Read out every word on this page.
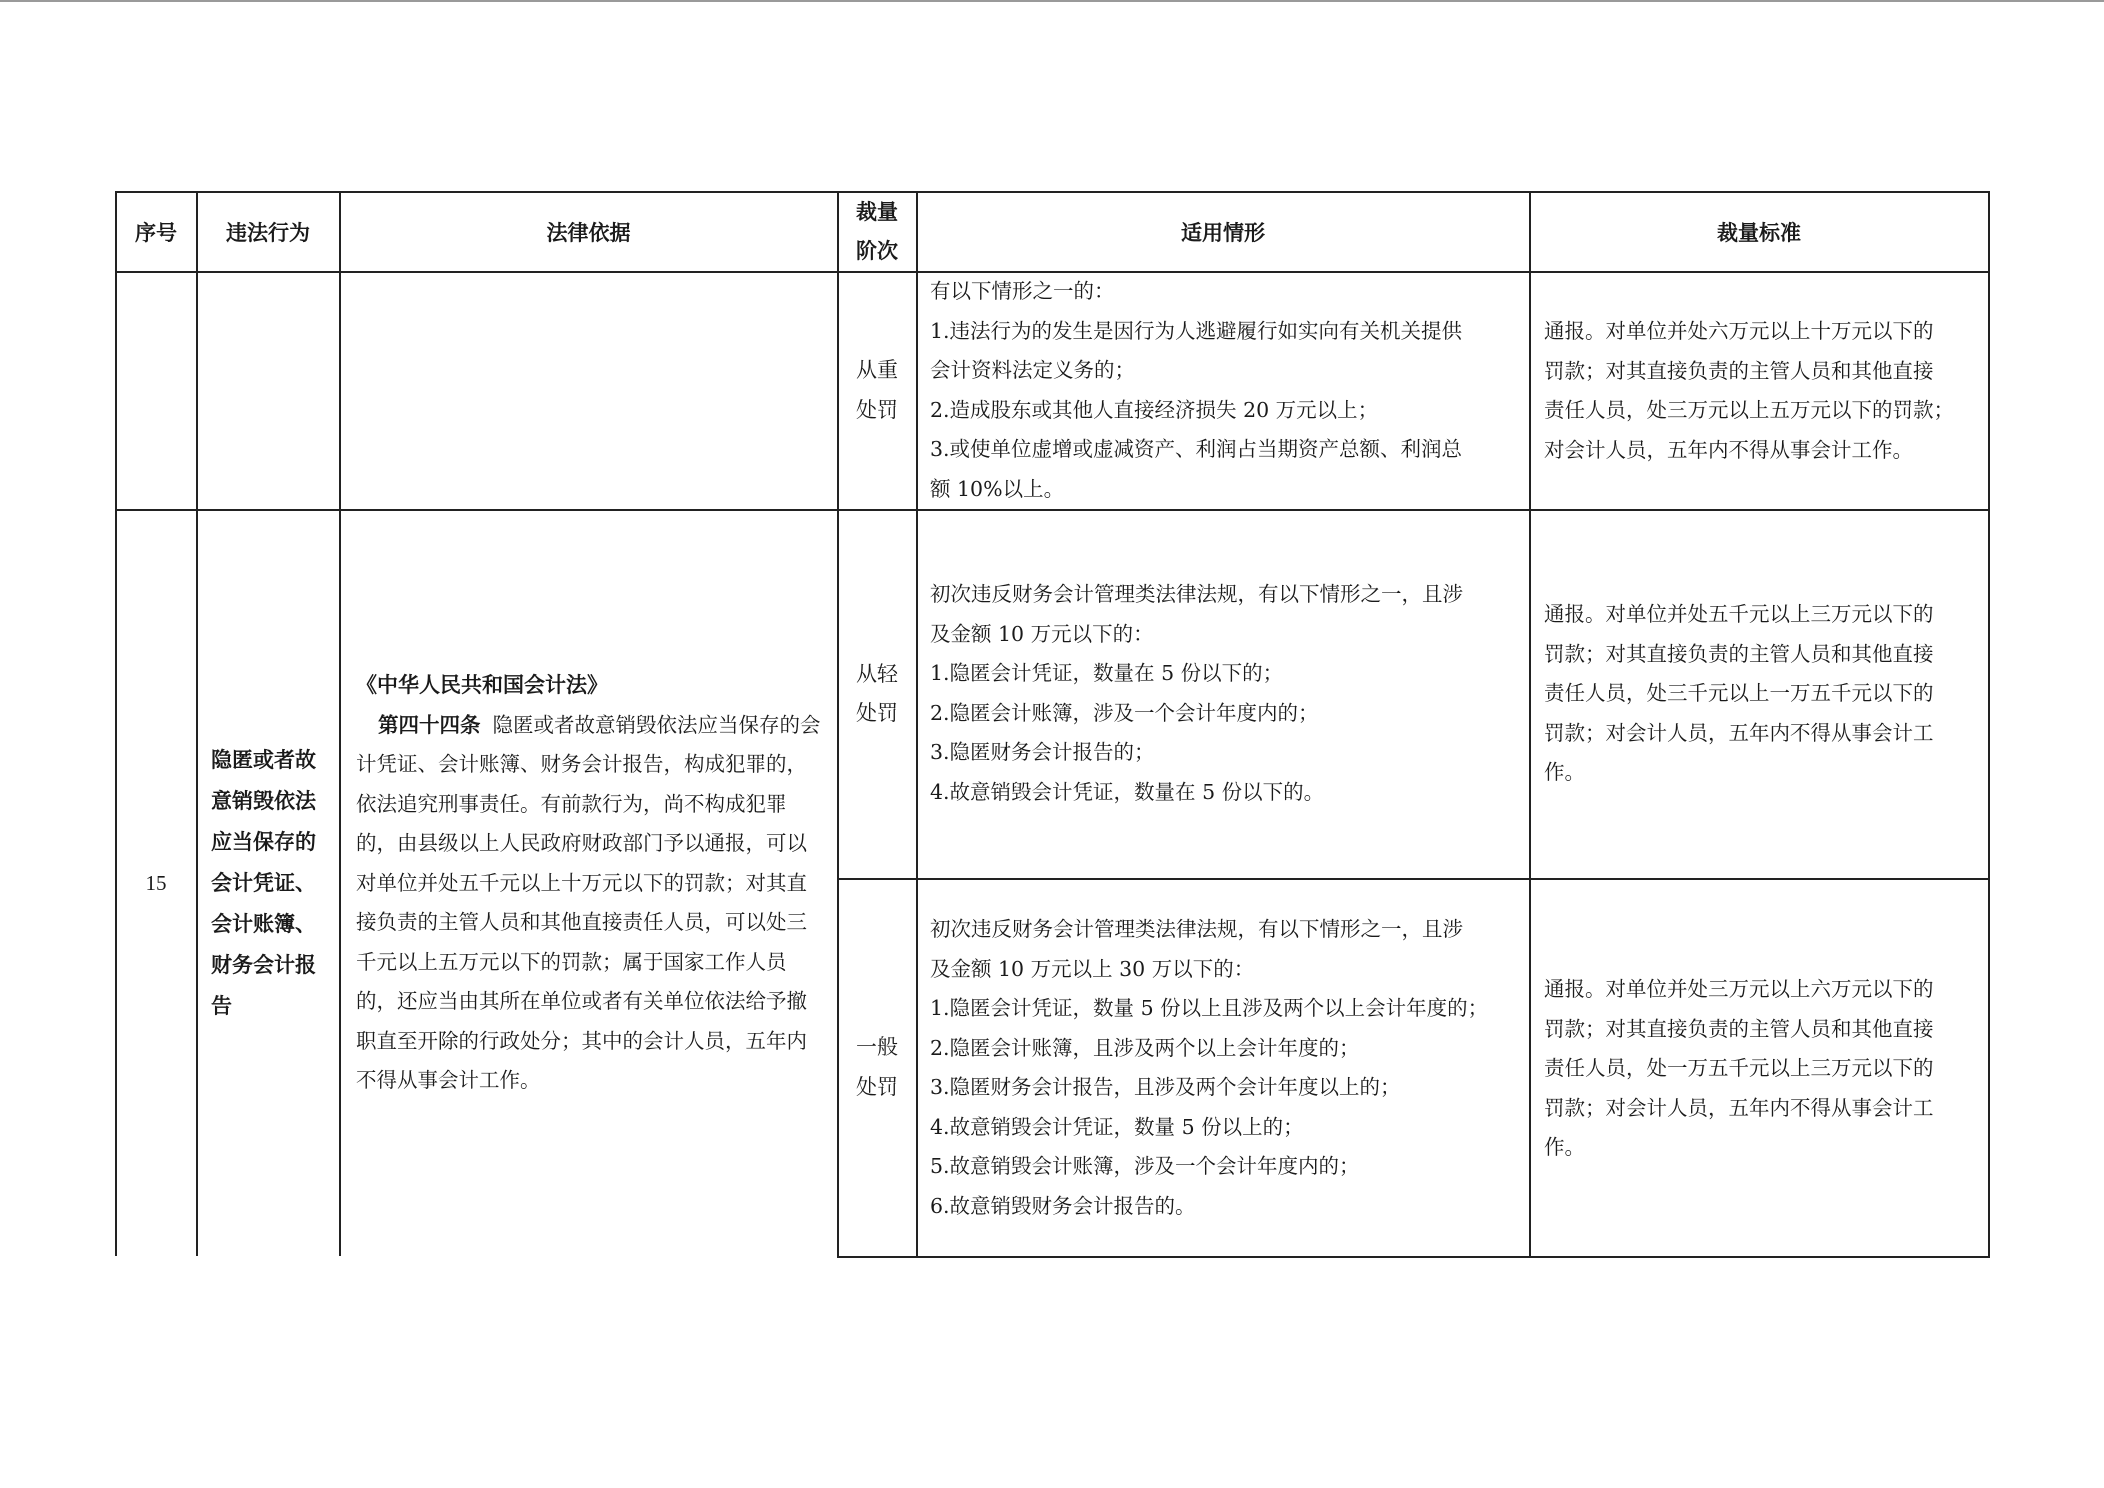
序号 违法行为	法律依据
裁量
阶次
适用情形	裁量标准
从重
处罚
有以下情形之一的：
1.违法行为的发生是因行为人逃避履行如实向有关机关提供
会计资料法定义务的；
2.造成股东或其他人直接经济损失 20 万元以上；
3.或使单位虚增或虚减资产、利润占当期资产总额、利润总
额 10%以上。
通报。对单位并处六万元以上十万元以下的
罚款；对其直接负责的主管人员和其他直接
责任人员，处三万元以上五万元以下的罚款；
对会计人员，五年内不得从事会计工作。
15
隐匿或者故
意销毁依法
应当保存的
会计凭证、
会计账簿、
财务会计报
告
《中华人民共和国会计法》
第四十四条 隐匿或者故意销毁依法应当保存的会计凭证、会计账簿、财务会计报告，构成犯罪的，依法追究刑事责任。有前款行为，尚不构成犯罪的，由县级以上人民政府财政部门予以通报，可以对单位并处五千元以上十万元以下的罚款；对其直接负责的主管人员和其他直接责任人员，可以处三千元以上五万元以下的罚款；属于国家工作人员的，还应当由其所在单位或者有关单位依法给予撤职直至开除的行政处分；其中的会计人员，五年内不得从事会计工作。
从轻
处罚
初次违反财务会计管理类法律法规，有以下情形之一，且涉
及金额 10 万元以下的：
1.隐匿会计凭证，数量在 5 份以下的；
2.隐匿会计账簿，涉及一个会计年度内的；
3.隐匿财务会计报告的；
4.故意销毁会计凭证，数量在 5 份以下的。
通报。对单位并处五千元以上三万元以下的
罚款；对其直接负责的主管人员和其他直接
责任人员，处三千元以上一万五千元以下的
罚款；对会计人员，五年内不得从事会计工
作。
一般
处罚
初次违反财务会计管理类法律法规，有以下情形之一，且涉
及金额 10 万元以上 30 万以下的：
1.隐匿会计凭证，数量 5 份以上且涉及两个以上会计年度的；
2.隐匿会计账簿，且涉及两个以上会计年度的；
3.隐匿财务会计报告，且涉及两个会计年度以上的；
4.故意销毁会计凭证，数量 5 份以上的；
5.故意销毁会计账簿，涉及一个会计年度内的；
6.故意销毁财务会计报告的。
通报。对单位并处三万元以上六万元以下的
罚款；对其直接负责的主管人员和其他直接
责任人员，处一万五千元以上三万元以下的
罚款；对会计人员，五年内不得从事会计工
作。
